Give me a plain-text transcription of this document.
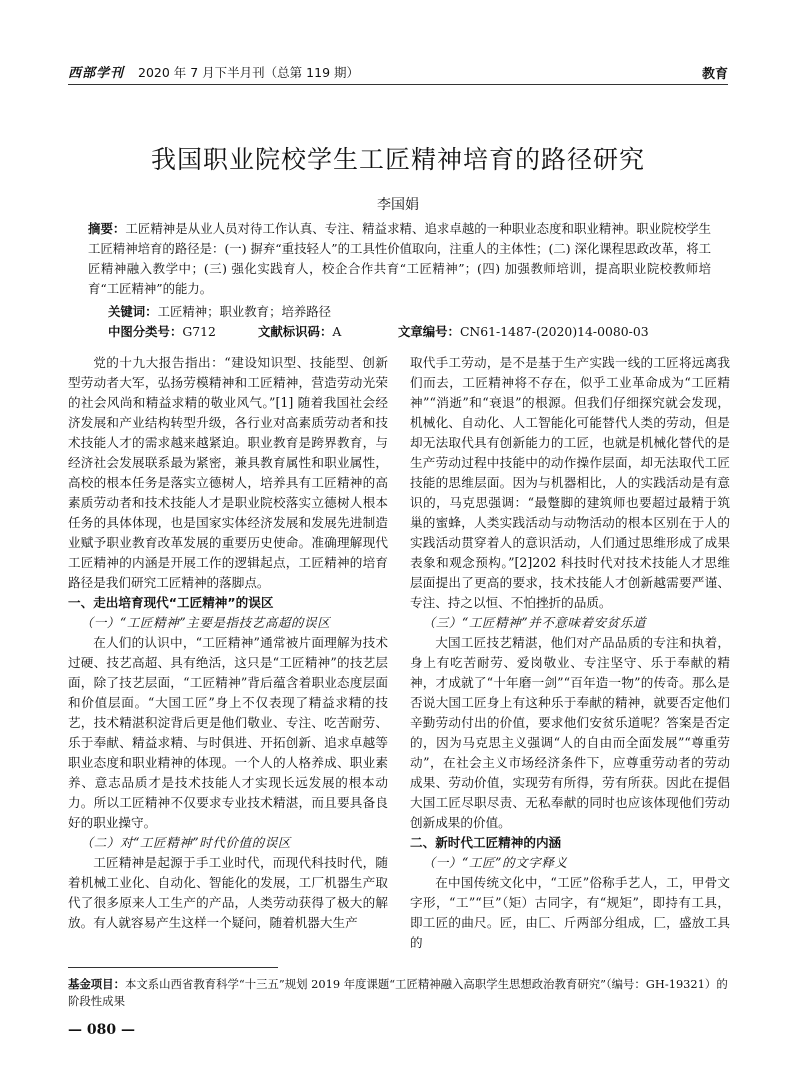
西部学刊 2020 年 7 月下半月刊（总第 119 期）	教育
我国职业院校学生工匠精神培育的路径研究
李国娟
摘要：工匠精神是从业人员对待工作认真、专注、精益求精、追求卓越的一种职业态度和职业精神。职业院校学生工匠精神培育的路径是：(一) 摒弃“重技轻人”的工具性价值取向，注重人的主体性；(二) 深化课程思政改革，将工匠精神融入教学中；(三) 强化实践育人，校企合作共育“工匠精神”；(四) 加强教师培训，提高职业院校教师培育“工匠精神”的能力。
关键词：工匠精神；职业教育；培养路径
中图分类号：G712	文献标识码：A	文章编号：CN61-1487-(2020)14-0080-03

党的十九大报告指出：“建设知识型、技能型、创新型劳动者大军，弘扬劳模精神和工匠精神，营造劳动光荣的社会风尚和精益求精的敬业风气。”[1] 随着我国社会经济发展和产业结构转型升级，各行业对高素质劳动者和技术技能人才的需求越来越紧迫。职业教育是跨界教育，与经济社会发展联系最为紧密，兼具教育属性和职业属性，高校的根本任务是落实立德树人，培养具有工匠精神的高素质劳动者和技术技能人才是职业院校落实立德树人根本任务的具体体现，也是国家实体经济发展和发展先进制造业赋予职业教育改革发展的重要历史使命。准确理解现代工匠精神的内涵是开展工作的逻辑起点，工匠精神的培育路径是我们研究工匠精神的落脚点。

一、走出培育现代“工匠精神”的误区

（一）“工匠精神”主要是指技艺高超的误区

在人们的认识中，“工匠精神”通常被片面理解为技术过硬、技艺高超、具有绝活，这只是“工匠精神”的技艺层面，除了技艺层面，“工匠精神”背后蕴含着职业态度层面和价值层面。“大国工匠”身上不仅表现了精益求精的技艺，技术精湛积淀背后更是他们敬业、专注、吃苦耐劳、乐于奉献、精益求精、与时俱进、开拓创新、追求卓越等职业态度和职业精神的体现。一个人的人格养成、职业素养、意志品质才是技术技能人才实现长远发展的根本动力。所以工匠精神不仅要求专业技术精湛，而且要具备良好的职业操守。

（二）对“工匠精神”时代价值的误区

工匠精神是起源于手工业时代，而现代科技时代，随着机械工业化、自动化、智能化的发展，工厂机器生产取代了很多原来人工生产的产品，人类劳动获得了极大的解放。有人就容易产生这样一个疑问，随着机器大生产

取代手工劳动，是不是基于生产实践一线的工匠将远离我们而去，工匠精神将不存在，似乎工业革命成为“工匠精神”“消逝”和“衰退”的根源。但我们仔细探究就会发现，机械化、自动化、人工智能化可能替代人类的劳动，但是却无法取代具有创新能力的工匠，也就是机械化替代的是生产劳动过程中技能中的动作操作层面，却无法取代工匠技能的思维层面。因为与机器相比，人的实践活动是有意识的，马克思强调：“最蹩脚的建筑师也要超过最精于筑巢的蜜蜂，人类实践活动与动物活动的根本区别在于人的实践活动贯穿着人的意识活动，人们通过思维形成了成果表象和观念预构。”[2]202 科技时代对技术技能人才思维层面提出了更高的要求，技术技能人才创新越需要严谨、专注、持之以恒、不怕挫折的品质。

（三）“工匠精神”并不意味着安贫乐道

大国工匠技艺精湛，他们对产品品质的专注和执着，身上有吃苦耐劳、爱岗敬业、专注坚守、乐于奉献的精神，才成就了“十年磨一剑”“百年造一物”的传奇。那么是否说大国工匠身上有这种乐于奉献的精神，就要否定他们辛勤劳动付出的价值，要求他们安贫乐道呢？答案是否定的，因为马克思主义强调“人的自由而全面发展”“尊重劳动”，在社会主义市场经济条件下，应尊重劳动者的劳动成果、劳动价值，实现劳有所得，劳有所获。因此在提倡大国工匠尽职尽责、无私奉献的同时也应该体现他们劳动创新成果的价值。

二、新时代工匠精神的内涵

（一）“工匠”的文字释义

在中国传统文化中，“工匠”俗称手艺人，工，甲骨文字形，“工”“巨”（矩）古同字，有“规矩”，即持有工具，即工匠的曲尺。匠，由匚、斤两部分组成，匚，盛放工具的

基金项目：本文系山西省教育科学“十三五”规划 2019 年度课题“工匠精神融入高职学生思想政治教育研究”（编号：GH-19321）的阶段性成果
— 080 —
